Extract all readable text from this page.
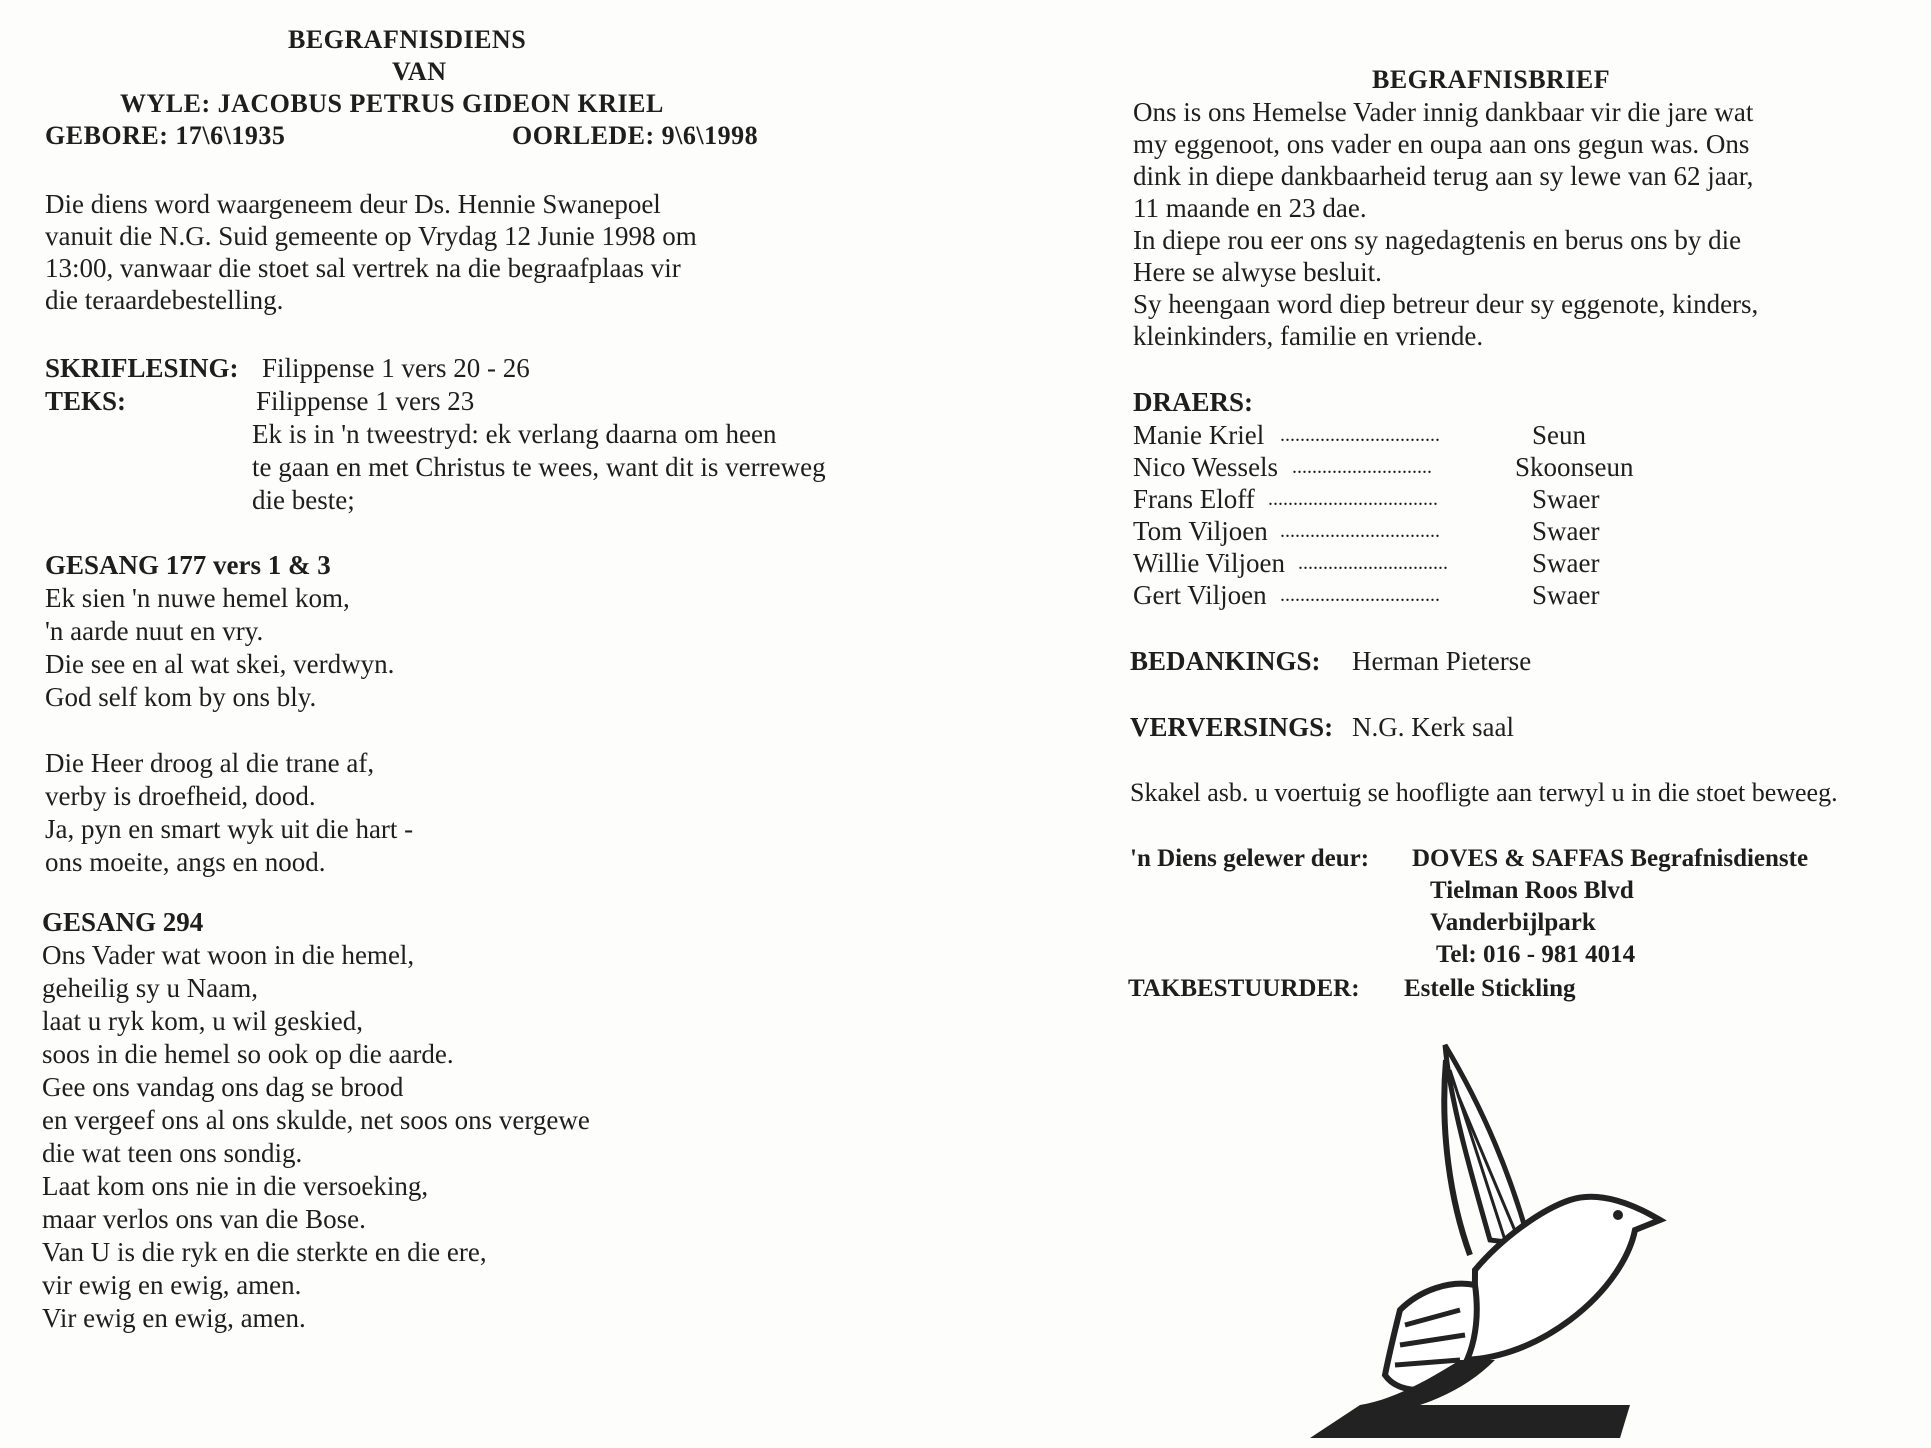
BEGRAFNISDIENS
VAN
WYLE: JACOBUS PETRUS GIDEON KRIEL
GEBORE: 17\6\1935	OORLEDE: 9\6\1998
Die diens word waargeneem deur Ds. Hennie Swanepoel
vanuit die N.G. Suid gemeente op Vrydag 12 Junie 1998 om
13:00, vanwaar die stoet sal vertrek na die begraafplaas vir
die teraardebestelling.
SKRIFLESING: Filippense 1 vers 20 - 26
TEKS:	Filippense 1 vers 23
Ek is in 'n tweestryd: ek verlang daarna om heen
te gaan en met Christus te wees, want dit is verreweg
die beste;
GESANG 177 vers 1 & 3
Ek sien 'n nuwe hemel kom,
'n aarde nuut en vry.
Die see en al wat skei, verdwyn.
God self kom by ons bly.
Die Heer droog al die trane af,
verby is droefheid, dood.
Ja, pyn en smart wyk uit die hart -
ons moeite, angs en nood.
GESANG 294
Ons Vader wat woon in die hemel,
geheilig sy u Naam,
laat u ryk kom, u wil geskied,
soos in die hemel so ook op die aarde.
Gee ons vandag ons dag se brood
en vergeef ons al ons skulde, net soos ons vergewe
die wat teen ons sondig.
Laat kom ons nie in die versoeking,
maar verlos ons van die Bose.
Van U is die ryk en die sterkte en die ere,
vir ewig en ewig, amen.
Vir ewig en ewig, amen.
BEGRAFNISBRIEF
Ons is ons Hemelse Vader innig dankbaar vir die jare wat
my eggenoot, ons vader en oupa aan ons gegun was. Ons
dink in diepe dankbaarheid terug aan sy lewe van 62 jaar,
11 maande en 23 dae.
In diepe rou eer ons sy nagedagtenis en berus ons by die
Here se alwyse besluit.
Sy heengaan word diep betreur deur sy eggenote, kinders,
kleinkinders, familie en vriende.
DRAERS:
Manie Kriel ................................	Seun
Nico Wessels ............................	Skoonseun
Frans Eloff ..................................	Swaer
Tom Viljoen ................................	Swaer
Willie Viljoen ..............................	Swaer
Gert Viljoen ................................	Swaer
BEDANKINGS: Herman Pieterse
VERVERSINGS: N.G. Kerk saal
Skakel asb. u voertuig se hoofligte aan terwyl u in die stoet beweeg.
'n Diens gelewer deur: DOVES & SAFFAS Begrafnisdienste
Tielman Roos Blvd
Vanderbijlpark
Tel: 016 - 981 4014
TAKBESTUURDER: Estelle Stickling
